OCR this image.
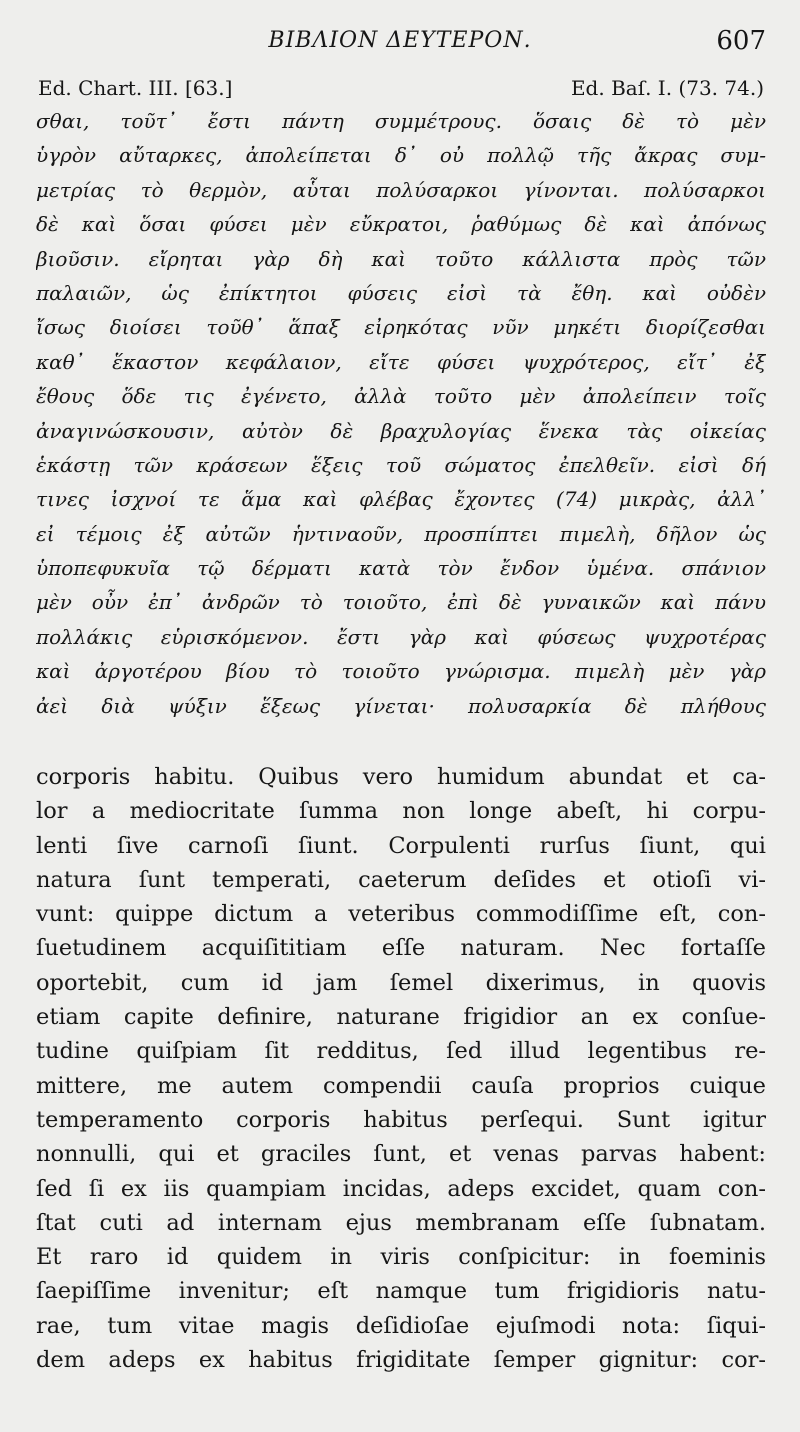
BIBΛIΟΝ ΔΕΥΤΕΡΟΝ.	607
Ed. Chart. III. [63.]	Ed. Baſ. I. (73. 74.)
σθαι, τοῦτ᾽ ἔστι πάντη συμμέτρους. ὅσαις δὲ τὸ μὲν
ὑγρὸν αὔταρκες, ἀπολείπεται δ᾽ οὐ πολλῷ τῆς ἄκρας συμ-
μετρίας τὸ θερμὸν, αὗται πολύσαρκοι γίνονται. πολύσαρκοι
δὲ καὶ ὅσαι φύσει μὲν εὔκρατοι, ῥαθύμως δὲ καὶ ἀπόνως
βιοῦσιν. εἴρηται γὰρ δὴ καὶ τοῦτο κάλλιστα πρὸς τῶν
παλαιῶν, ὡς ἐπίκτητοι φύσεις εἰσὶ τὰ ἔθη. καὶ οὐδὲν
ἴσως διοίσει τοῦθ᾽ ἅπαξ εἰρηκότας νῦν μηκέτι διορίζεσθαι
καθ᾽ ἕκαστον κεφάλαιον, εἴτε φύσει ψυχρότερος, εἴτ᾽ ἐξ
ἔθους ὅδε τις ἐγένετο, ἀλλὰ τοῦτο μὲν ἀπολείπειν τοῖς
ἀναγινώσκουσιν, αὐτὸν δὲ βραχυλογίας ἕνεκα τὰς οἰκείας
ἑκάστῃ τῶν κράσεων ἕξεις τοῦ σώματος ἐπελθεῖν. εἰσὶ δή
τινες ἰσχνοί τε ἅμα καὶ φλέβας ἔχοντες (74) μικρὰς, ἀλλ᾽
εἰ τέμοις ἐξ αὐτῶν ἡντιναοῦν, προσπίπτει πιμελὴ, δῆλον ὡς
ὑποπεφυκυῖα τῷ δέρματι κατὰ τὸν ἔνδον ὑμένα. σπάνιον
μὲν οὖν ἐπ᾽ ἀνδρῶν τὸ τοιοῦτο, ἐπὶ δὲ γυναικῶν καὶ πάνυ
πολλάκις εὑρισκόμενον. ἔστι γὰρ καὶ φύσεως ψυχροτέρας
καὶ ἀργοτέρου βίου τὸ τοιοῦτο γνώρισμα. πιμελὴ μὲν γὰρ
ἀεὶ διὰ ψύξιν ἕξεως γίνεται· πολυσαρκία δὲ πλήθους
corporis habitu. Quibus vero humidum abundat et ca-
lor a mediocritate ſumma non longe abeſt, hi corpu-
lenti ſive carnoſi ſiunt. Corpulenti rurſus ſiunt, qui
natura ſunt temperati, caeterum deſides et otioſi vi-
vunt: quippe dictum a veteribus commodiſſime eſt, con-
ſuetudinem acquiſititiam eſſe naturam. Nec fortaſſe
oportebit, cum id jam ſemel dixerimus, in quovis
etiam capite definire, naturane frigidior an ex conſue-
tudine quiſpiam ſit redditus, ſed illud legentibus re-
mittere, me autem compendii cauſa proprios cuique
temperamento corporis habitus perſequi. Sunt igitur
nonnulli, qui et graciles ſunt, et venas parvas habent:
ſed ſi ex iis quampiam incidas, adeps excidet, quam con-
ſtat cuti ad internam ejus membranam eſſe ſubnatam.
Et raro id quidem in viris conſpicitur: in foeminis
ſaepiſſime invenitur; eſt namque tum frigidioris natu-
rae, tum vitae magis deſidioſae ejuſmodi nota: ſiqui-
dem adeps ex habitus frigiditate ſemper gignitur: cor-
